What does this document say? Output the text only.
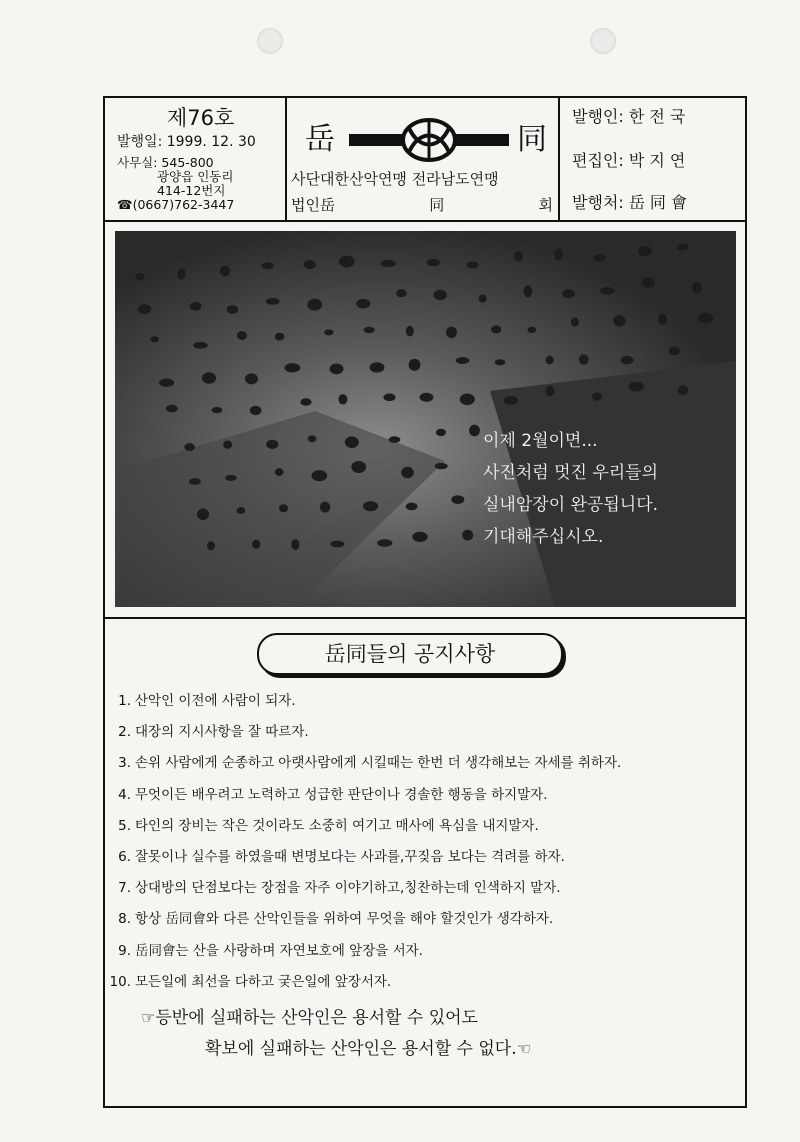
제76호
발행일: 1999. 12. 30
사무실: 545-800
광양읍 인동리
414-12번지
☎(0667)762-3447
岳	同
사단대한산악연맹 전라남도연맹
법인岳	同	회
발행인: 한 전 국
편집인: 박 지 연
발행처: 岳 同 會
이제 2월이면...
사진처럼 멋진 우리들의
실내암장이 완공됩니다.
기대해주십시오.
岳同들의 공지사항
1. 산악인 이전에 사람이 되자.
2. 대장의 지시사항을 잘 따르자.
3. 손위 사람에게 순종하고 아랫사람에게 시킬때는 한번 더 생각해보는 자세를 취하자.
4. 무엇이든 배우려고 노력하고 성급한 판단이나 경솔한 행동을 하지말자.
5. 타인의 장비는 작은 것이라도 소중히 여기고 매사에 욕심을 내지말자.
6. 잘못이나 실수를 하였을때 변명보다는 사과를,꾸짖음 보다는 격려를 하자.
7. 상대방의 단점보다는 장점을 자주 이야기하고,칭찬하는데 인색하지 말자.
8. 항상 岳同會와 다른 산악인들을 위하여 무엇을 해야 할것인가 생각하자.
9. 岳同會는 산을 사랑하며 자연보호에 앞장을 서자.
10. 모든일에 최선을 다하고 궂은일에 앞장서자.
☞등반에 실패하는 산악인은 용서할 수 있어도
확보에 실패하는 산악인은 용서할 수 없다.☜
